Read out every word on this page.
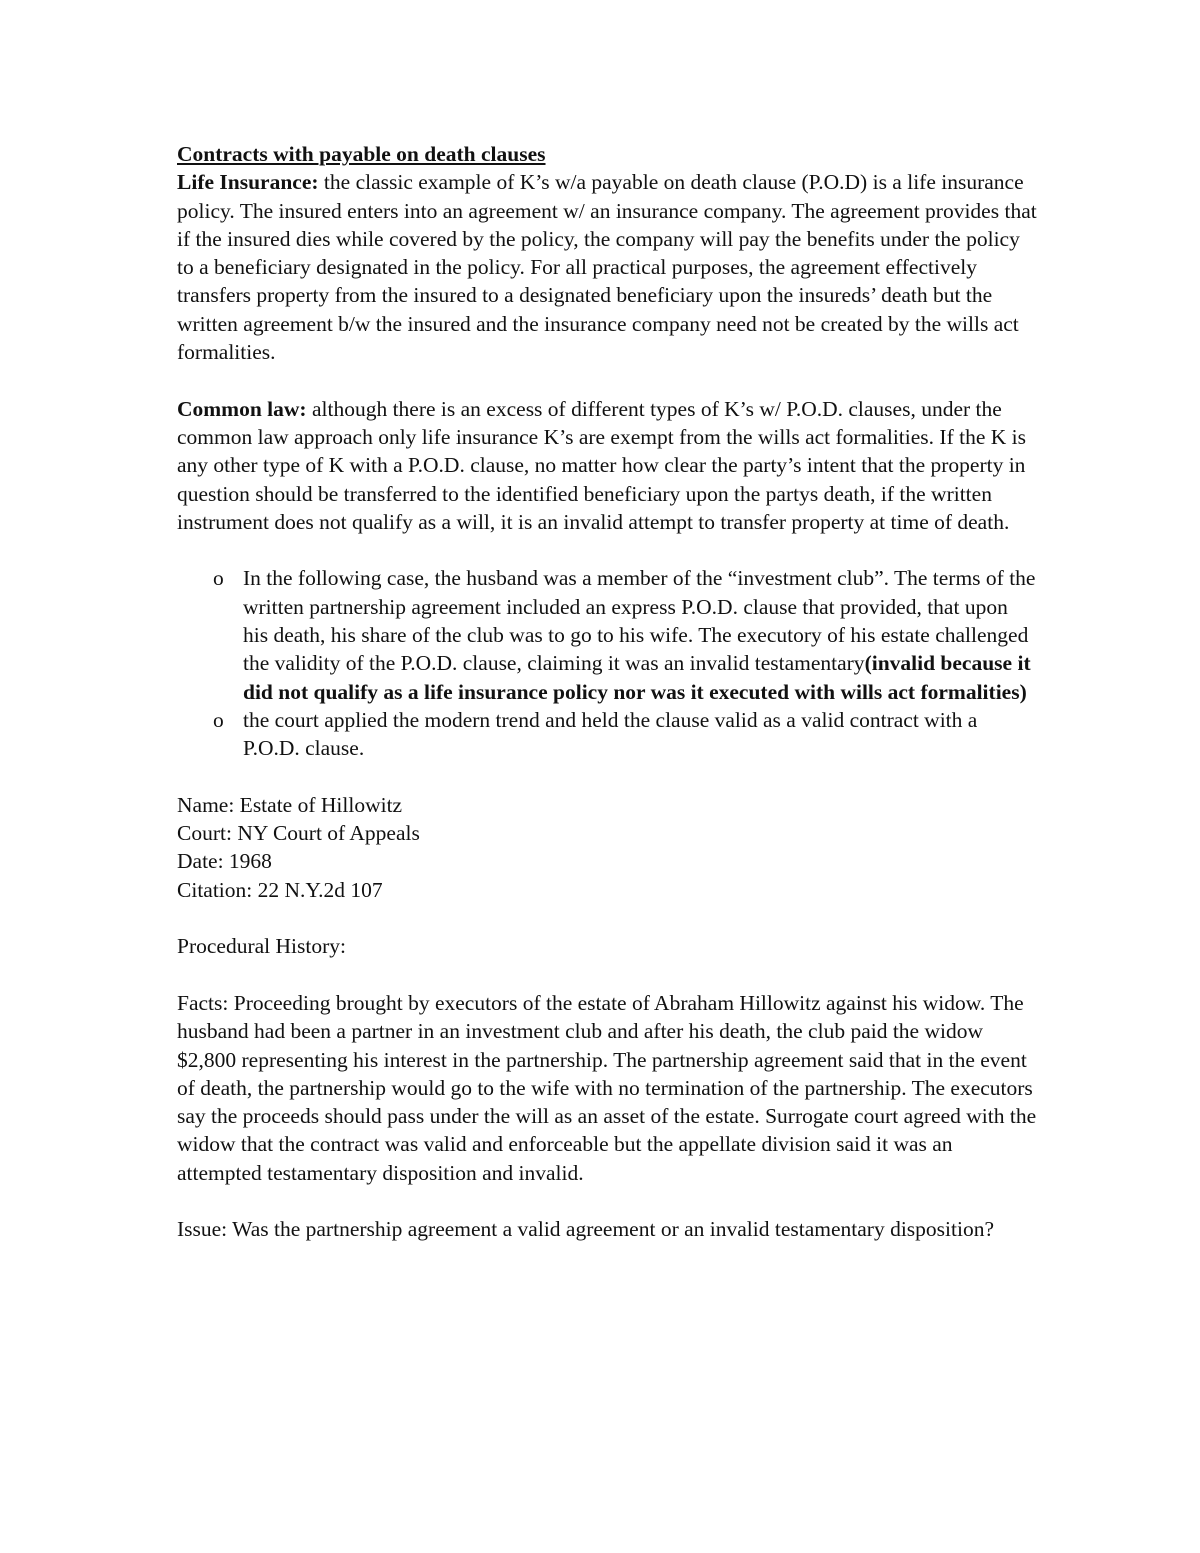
Contracts with payable on death clauses

Life Insurance: the classic example of K’s w/a payable on death clause (P.O.D) is a life insurance policy. The insured enters into an agreement w/ an insurance company. The agreement provides that if the insured dies while covered by the policy, the company will pay the benefits under the policy to a beneficiary designated in the policy. For all practical purposes, the agreement effectively transfers property from the insured to a designated beneficiary upon the insureds’ death but the written agreement b/w the insured and the insurance company need not be created by the wills act formalities.

Common law: although there is an excess of different types of K’s w/ P.O.D. clauses, under the common law approach only life insurance K’s are exempt from the wills act formalities. If the K is any other type of K with a P.O.D. clause, no matter how clear the party’s intent that the property in question should be transferred to the identified beneficiary upon the partys death, if the written instrument does not qualify as a will, it is an invalid attempt to transfer property at time of death.

o In the following case, the husband was a member of the “investment club”. The terms of the written partnership agreement included an express P.O.D. clause that provided, that upon his death, his share of the club was to go to his wife. The executory of his estate challenged the validity of the P.O.D. clause, claiming it was an invalid testamentary(invalid because it did not qualify as a life insurance policy nor was it executed with wills act formalities)
o the court applied the modern trend and held the clause valid as a valid contract with a P.O.D. clause.

Name: Estate of Hillowitz

Court: NY Court of Appeals

Date: 1968

Citation: 22 N.Y.2d 107

Procedural History:

Facts: Proceeding brought by executors of the estate of Abraham Hillowitz against his widow. The husband had been a partner in an investment club and after his death, the club paid the widow $2,800 representing his interest in the partnership. The partnership agreement said that in the event of death, the partnership would go to the wife with no termination of the partnership. The executors say the proceeds should pass under the will as an asset of the estate. Surrogate court agreed with the widow that the contract was valid and enforceable but the appellate division said it was an attempted testamentary disposition and invalid.

Issue: Was the partnership agreement a valid agreement or an invalid testamentary disposition?
